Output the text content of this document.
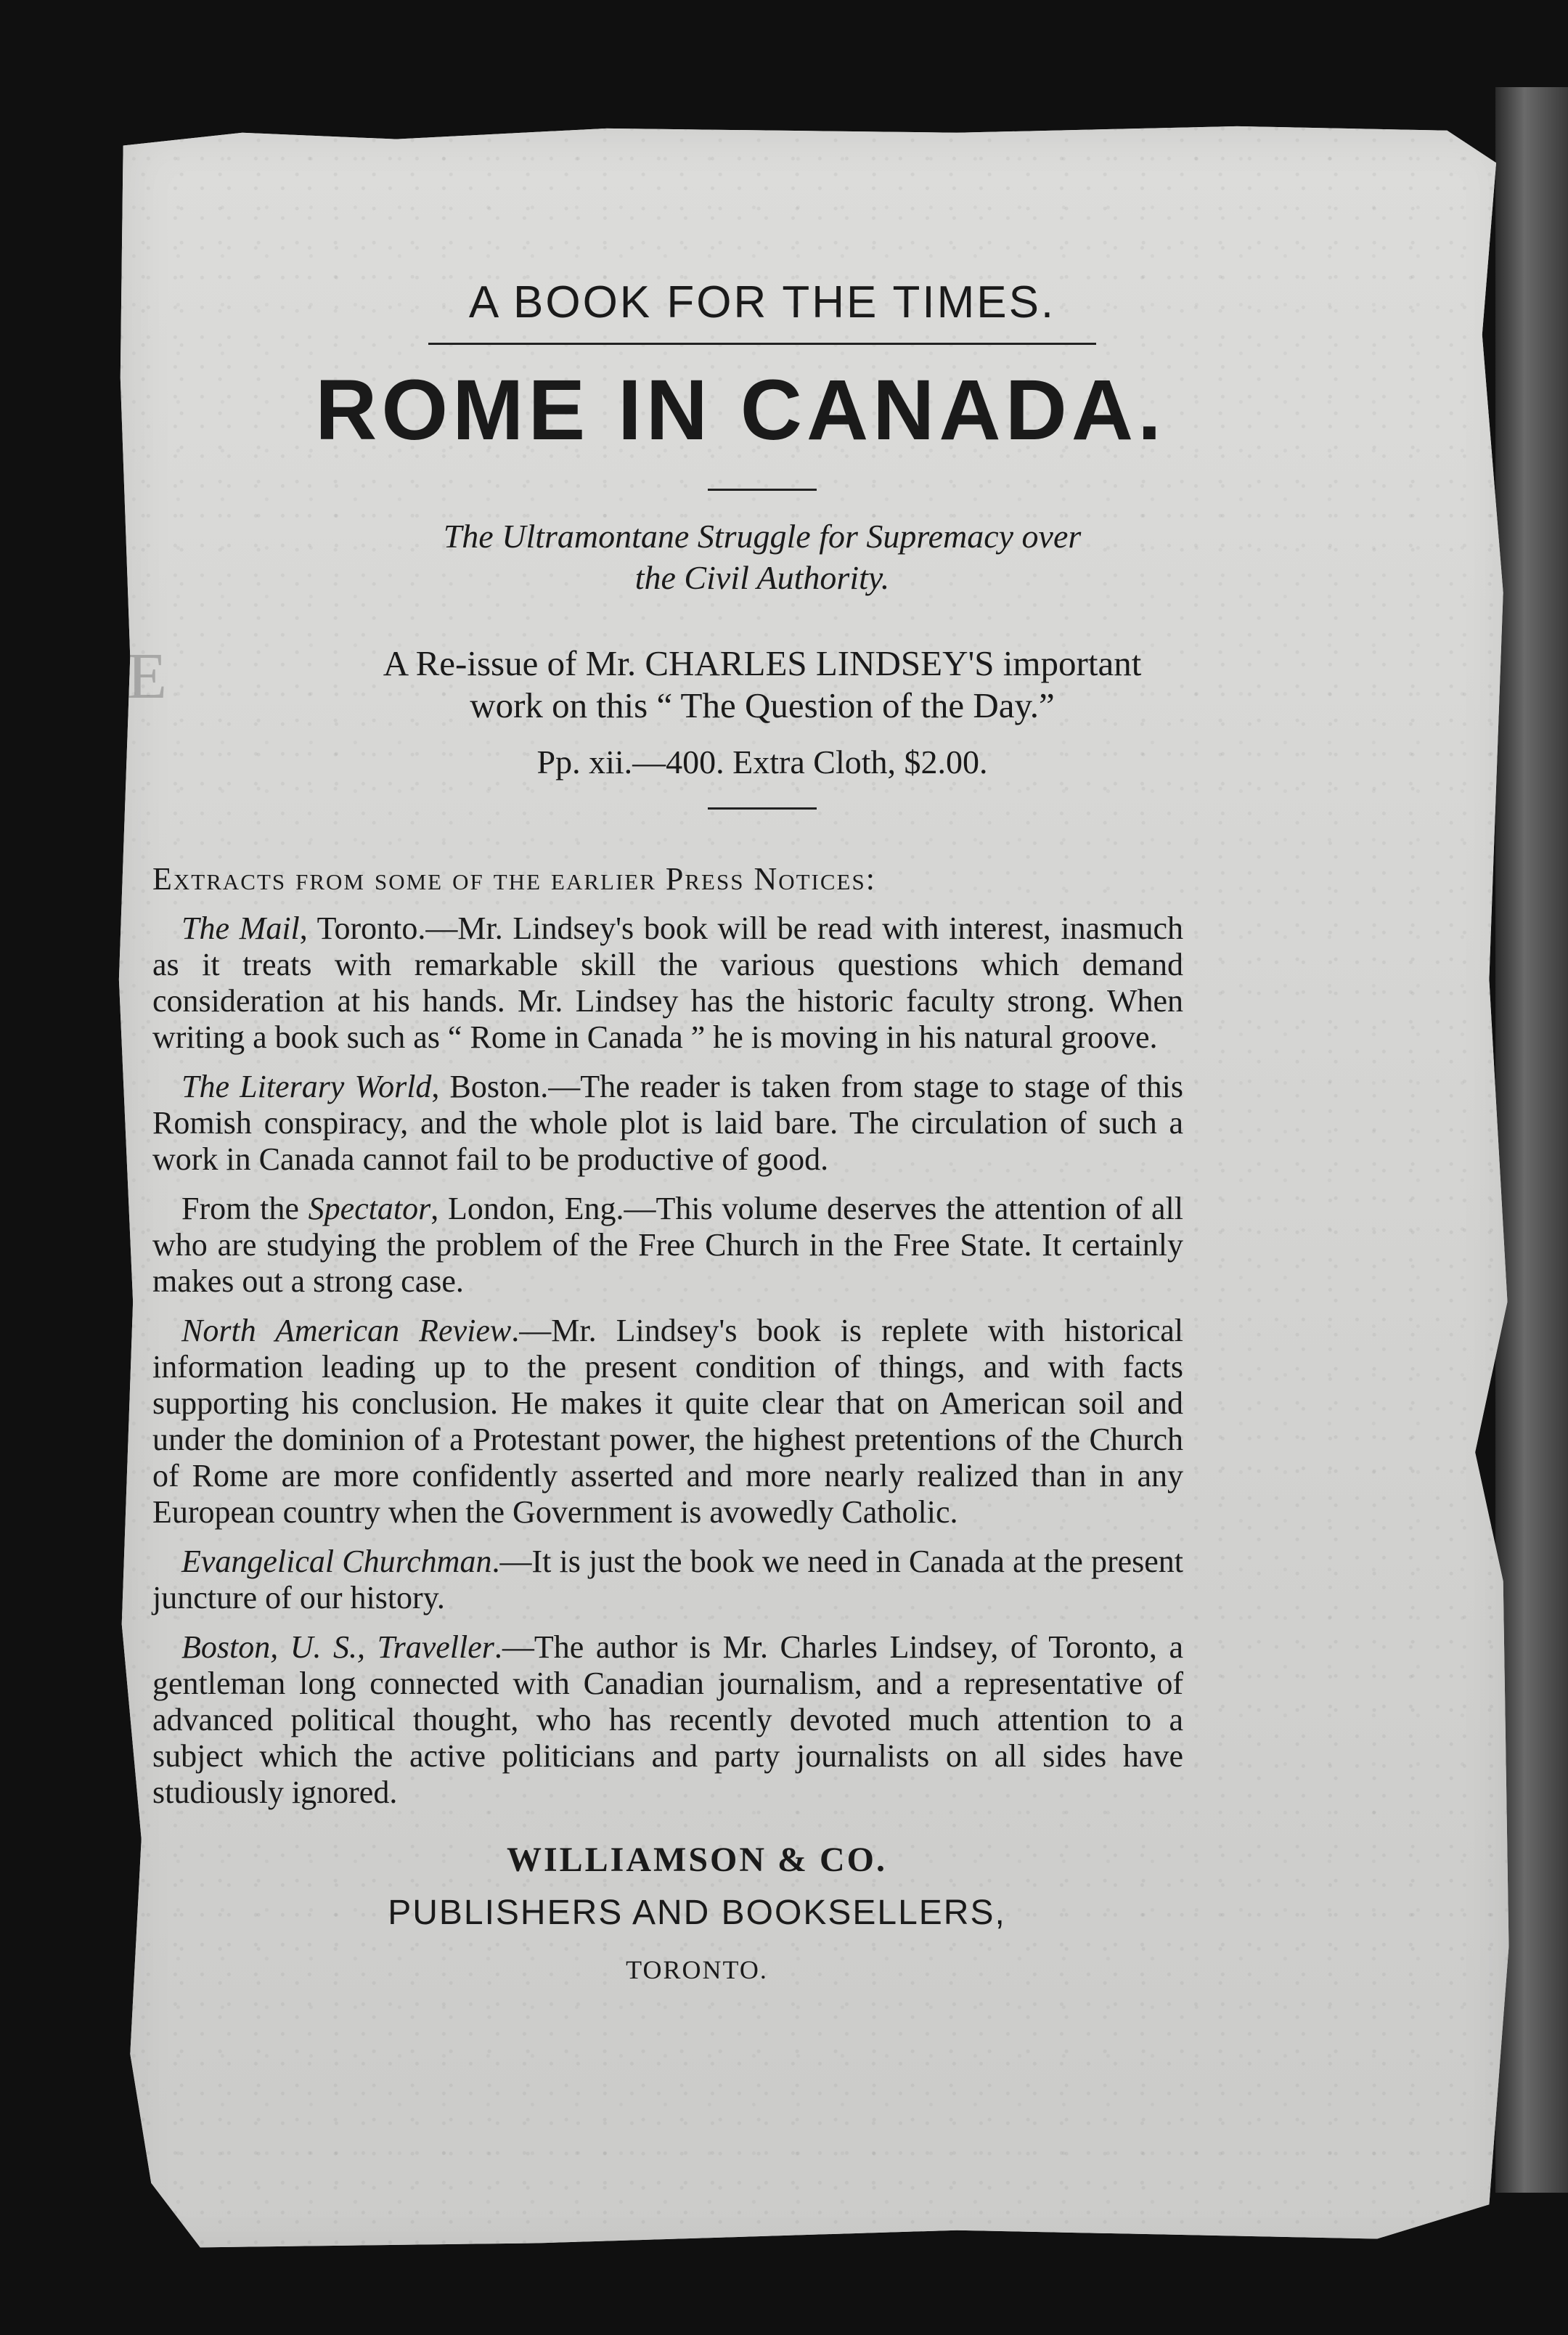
E

A BOOK FOR THE TIMES.

ROME IN CANADA.
The Ultramontane Struggle for Supremacy over
the Civil Authority.
A Re-issue of Mr. CHARLES LINDSEY'S important
work on this “ The Question of the Day.”

Pp. xii.—400. Extra Cloth, $2.00.

Extracts from some of the earlier Press Notices:

The Mail, Toronto.—Mr. Lindsey's book will be read with interest, inasmuch as it treats with remarkable skill the various questions which demand consideration at his hands. Mr. Lindsey has the historic faculty strong. When writing a book such as “ Rome in Canada ” he is moving in his natural groove.

The Literary World, Boston.—The reader is taken from stage to stage of this Romish conspiracy, and the whole plot is laid bare. The circulation of such a work in Canada cannot fail to be productive of good.

From the Spectator, London, Eng.—This volume deserves the attention of all who are studying the problem of the Free Church in the Free State. It certainly makes out a strong case.

North American Review.—Mr. Lindsey's book is replete with historical information leading up to the present condition of things, and with facts supporting his conclusion. He makes it quite clear that on American soil and under the dominion of a Protestant power, the highest pretentions of the Church of Rome are more confidently asserted and more nearly realized than in any European country when the Government is avowedly Catholic.

Evangelical Churchman.—It is just the book we need in Canada at the present juncture of our history.

Boston, U. S., Traveller.—The author is Mr. Charles Lindsey, of Toronto, a gentleman long connected with Canadian journalism, and a representative of advanced political thought, who has recently devoted much attention to a subject which the active politicians and party journalists on all sides have studiously ignored.

WILLIAMSON & CO.

PUBLISHERS AND BOOKSELLERS,

TORONTO.
